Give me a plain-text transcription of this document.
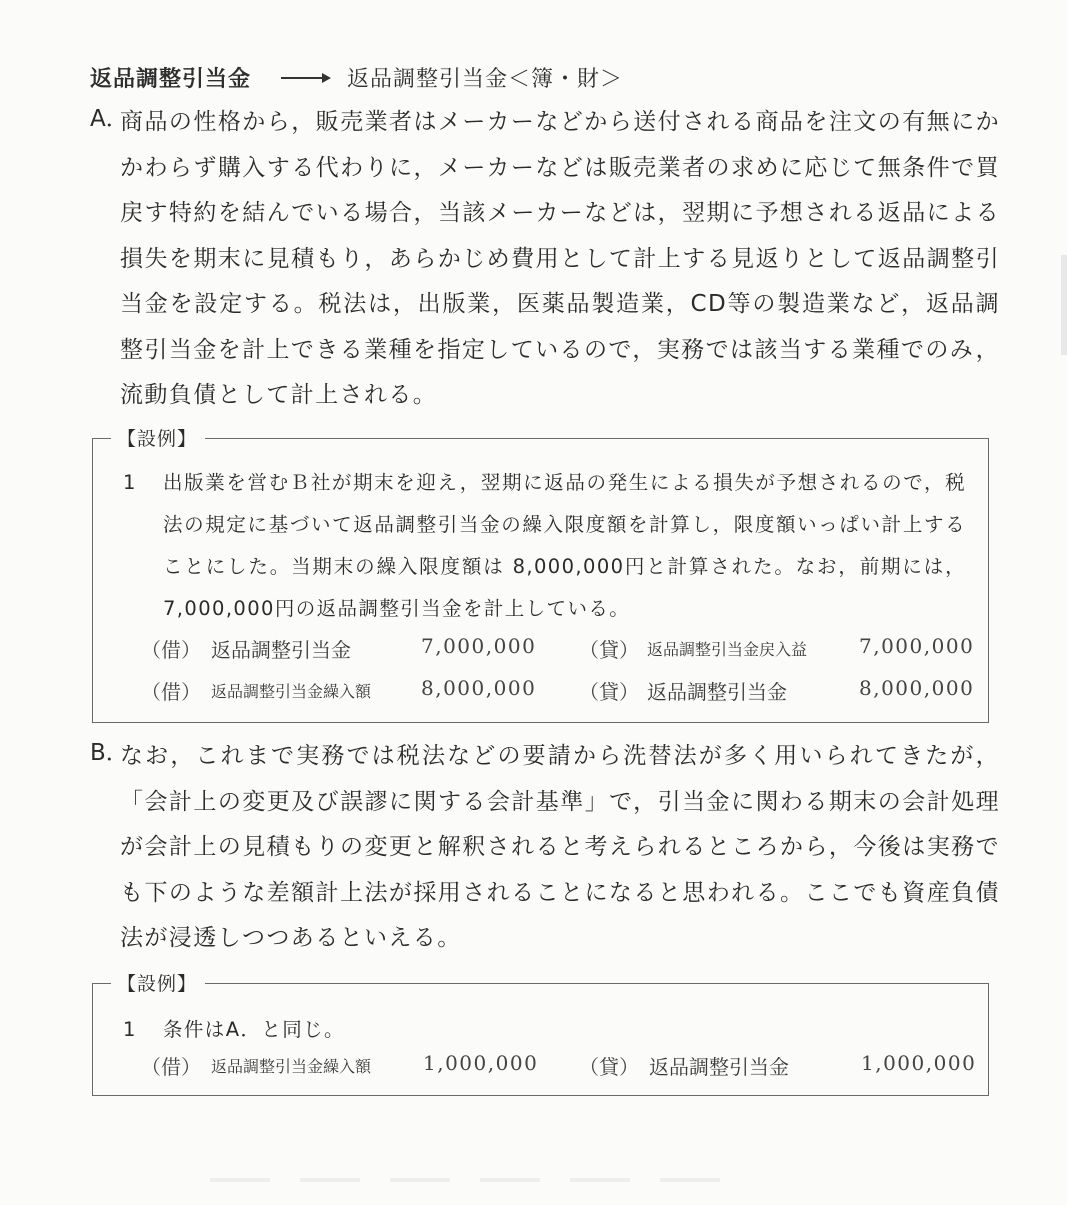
返品調整引当金	返品調整引当金＜簿・財＞
A．
商品の性格から，販売業者はメーカーなどから送付される商品を注文の有無にかかわらず購入する代わりに，メーカーなどは販売業者の求めに応じて無条件で買戻す特約を結んでいる場合，当該メーカーなどは，翌期に予想される返品による損失を期末に見積もり，あらかじめ費用として計上する見返りとして返品調整引当金を設定する。税法は，出版業，医薬品製造業，CD等の製造業など，返品調整引当金を計上できる業種を指定しているので，実務では該当する業種でのみ，流動負債として計上される。
【設例】
1 出版業を営むＢ社が期末を迎え，翌期に返品の発生による損失が予想されるので，税法の規定に基づいて返品調整引当金の繰入限度額を計算し，限度額いっぱい計上することにした。当期末の繰入限度額は 8,000,000円と計算された。なお，前期には，7,000,000円の返品調整引当金を計上している。
（借） 返品調整引当金	7,000,000 （貸） 返品調整引当金戻入益	7,000,000
（借） 返品調整引当金繰入額 8,000,000 （貸） 返品調整引当金	8,000,000
B．
なお，これまで実務では税法などの要請から洗替法が多く用いられてきたが，「会計上の変更及び誤謬に関する会計基準」で，引当金に関わる期末の会計処理が会計上の見積もりの変更と解釈されると考えられるところから，今後は実務でも下のような差額計上法が採用されることになると思われる。ここでも資産負債法が浸透しつつあるといえる。
【設例】
1 条件はA．と同じ。
（借） 返品調整引当金繰入額	1,000,000 （貸） 返品調整引当金	1,000,000
